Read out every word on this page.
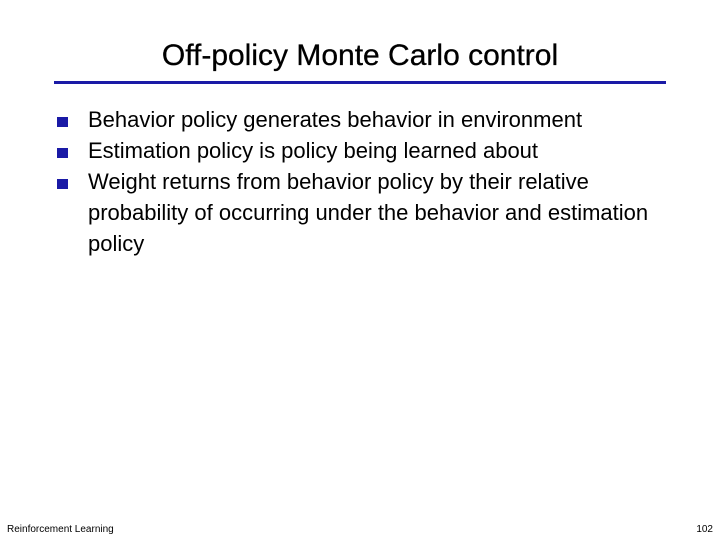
Off-policy Monte Carlo control
Behavior policy generates behavior in environment
Estimation policy is policy being learned about
Weight returns from behavior policy by their relative probability of occurring under the behavior and estimation policy
Reinforcement Learning	102
